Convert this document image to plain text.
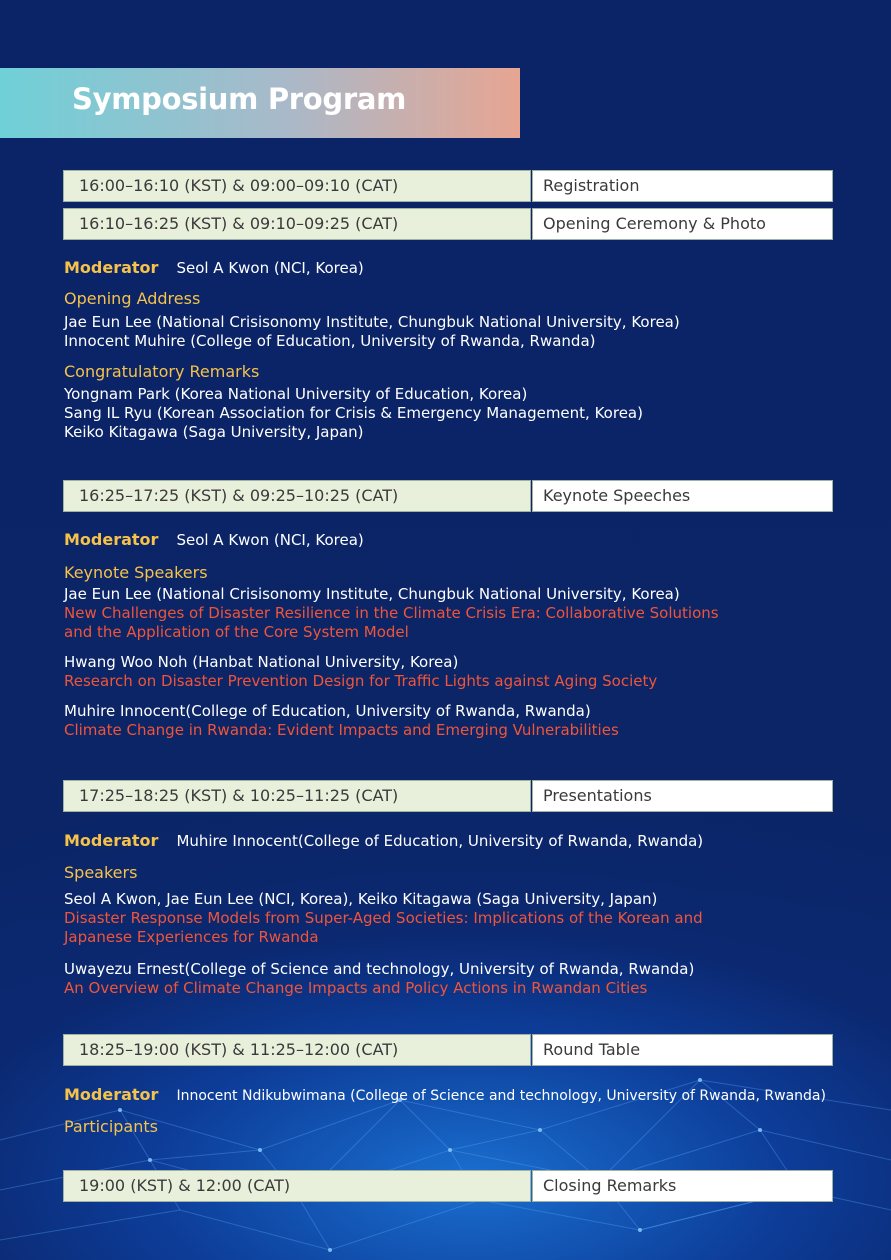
Symposium Program
16:00–16:10 (KST) & 09:00–09:10 (CAT)	Registration
16:10–16:25 (KST) & 09:10–09:25 (CAT)	Opening Ceremony & Photo
Moderator Seol A Kwon (NCI, Korea)
Opening Address
Jae Eun Lee (National Crisisonomy Institute, Chungbuk National University, Korea)
Innocent Muhire (College of Education, University of Rwanda, Rwanda)
Congratulatory Remarks
Yongnam Park (Korea National University of Education, Korea)
Sang IL Ryu (Korean Association for Crisis & Emergency Management, Korea)
Keiko Kitagawa (Saga University, Japan)
16:25–17:25 (KST) & 09:25–10:25 (CAT)	Keynote Speeches
Moderator Seol A Kwon (NCI, Korea)
Keynote Speakers
Jae Eun Lee (National Crisisonomy Institute, Chungbuk National University, Korea)
New Challenges of Disaster Resilience in the Climate Crisis Era: Collaborative Solutions
and the Application of the Core System Model
Hwang Woo Noh (Hanbat National University, Korea)
Research on Disaster Prevention Design for Traffic Lights against Aging Society
Muhire Innocent(College of Education, University of Rwanda, Rwanda)
Climate Change in Rwanda: Evident Impacts and Emerging Vulnerabilities
17:25–18:25 (KST) & 10:25–11:25 (CAT)	Presentations
Moderator Muhire Innocent(College of Education, University of Rwanda, Rwanda)
Speakers
Seol A Kwon, Jae Eun Lee (NCI, Korea), Keiko Kitagawa (Saga University, Japan)
Disaster Response Models from Super-Aged Societies: Implications of the Korean and
Japanese Experiences for Rwanda
Uwayezu Ernest(College of Science and technology, University of Rwanda, Rwanda)
An Overview of Climate Change Impacts and Policy Actions in Rwandan Cities
18:25–19:00 (KST) & 11:25–12:00 (CAT)	Round Table
Moderator Innocent Ndikubwimana (College of Science and technology, University of Rwanda, Rwanda)
Participants
19:00 (KST) & 12:00 (CAT)	Closing Remarks
